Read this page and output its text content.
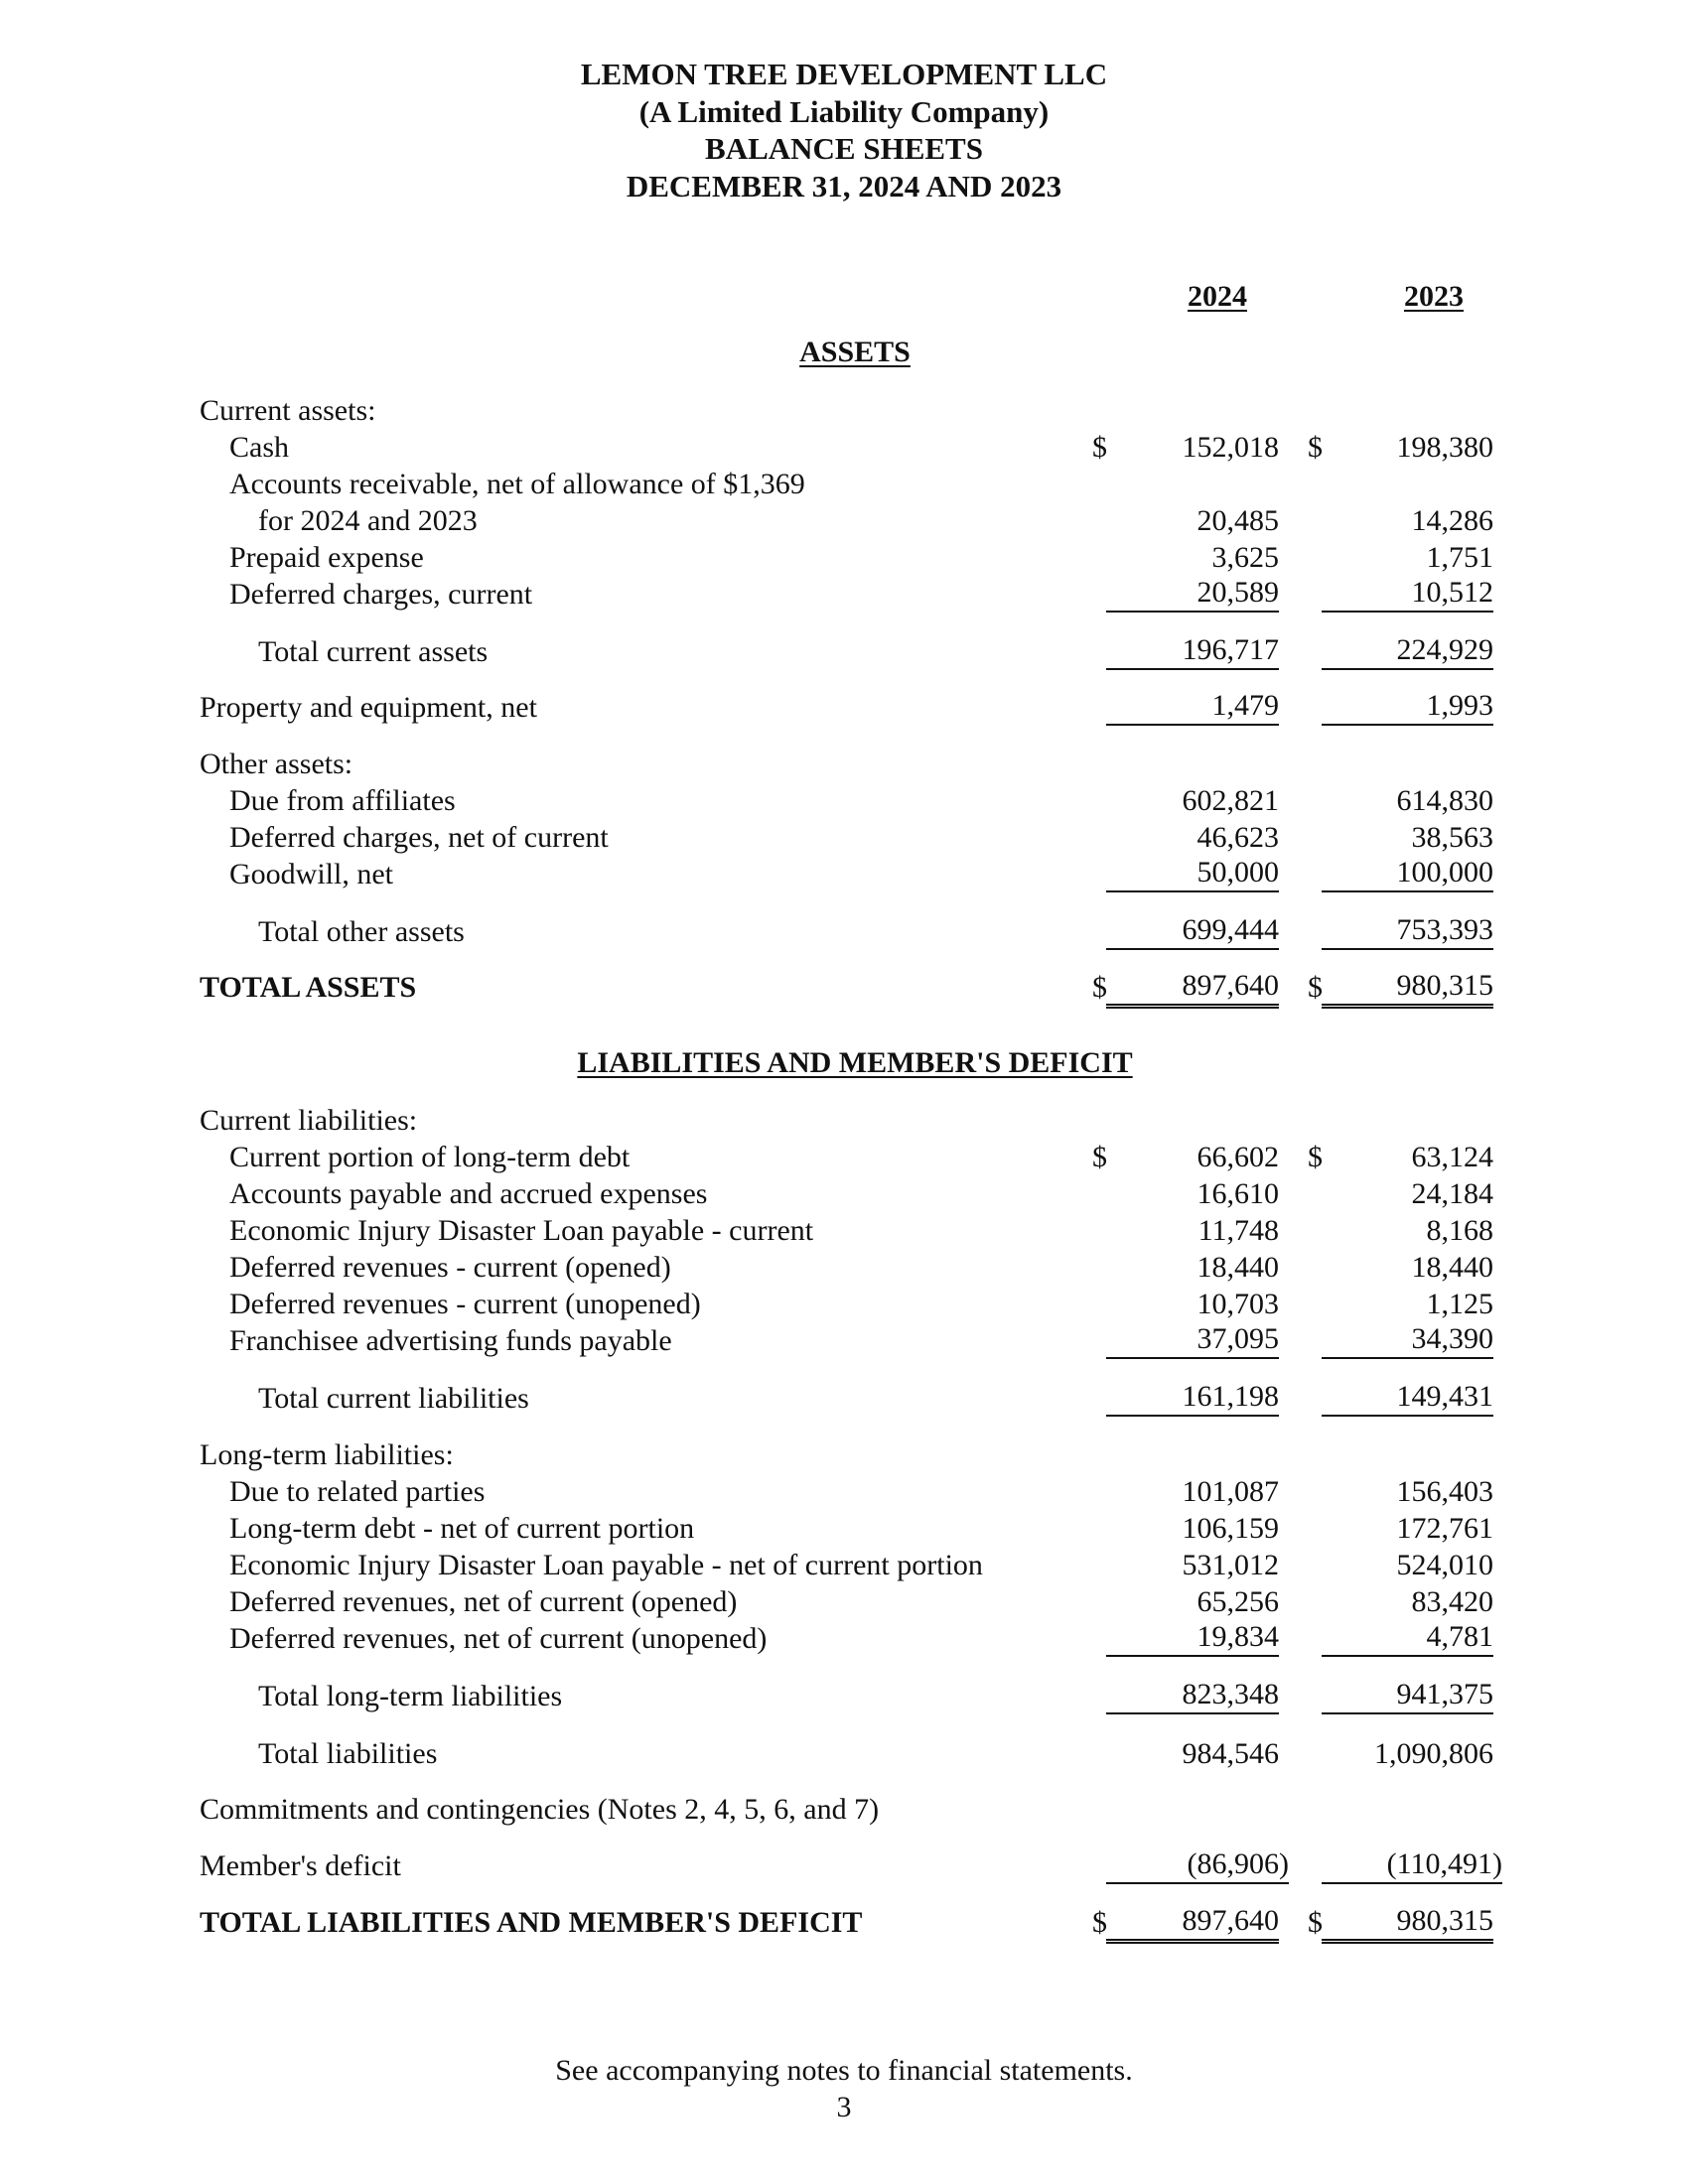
LEMON TREE DEVELOPMENT LLC
(A Limited Liability Company)
BALANCE SHEETS
DECEMBER 31, 2024 AND 2023
2024	2023
ASSETS
Current assets:
Cash	$	152,018 $	198,380
Accounts receivable, net of allowance of $1,369
for 2024 and 2023	20,485	14,286
Prepaid expense	3,625	1,751
Deferred charges, current	20,589	10,512
Total current assets	196,717	224,929
Property and equipment, net	1,479	1,993
Other assets:
Due from affiliates	602,821	614,830
Deferred charges, net of current	46,623	38,563
Goodwill, net	50,000	100,000
Total other assets	699,444	753,393
TOTAL ASSETS	$	897,640 $	980,315
LIABILITIES AND MEMBER'S DEFICIT
Current liabilities:
Current portion of long-term debt	$	66,602 $	63,124
Accounts payable and accrued expenses	16,610	24,184
Economic Injury Disaster Loan payable - current	11,748	8,168
Deferred revenues - current (opened)	18,440	18,440
Deferred revenues - current (unopened)	10,703	1,125
Franchisee advertising funds payable	37,095	34,390
Total current liabilities	161,198	149,431
Long-term liabilities:
Due to related parties	101,087	156,403
Long-term debt - net of current portion	106,159	172,761
Economic Injury Disaster Loan payable - net of current portion	531,012	524,010
Deferred revenues, net of current (opened)	65,256	83,420
Deferred revenues, net of current (unopened)	19,834	4,781
Total long-term liabilities	823,348	941,375
Total liabilities	984,546	1,090,806
Commitments and contingencies (Notes 2, 4, 5, 6, and 7)
Member's deficit	(86,906)	(110,491)
TOTAL LIABILITIES AND MEMBER'S DEFICIT	$	897,640 $	980,315
See accompanying notes to financial statements.
3
